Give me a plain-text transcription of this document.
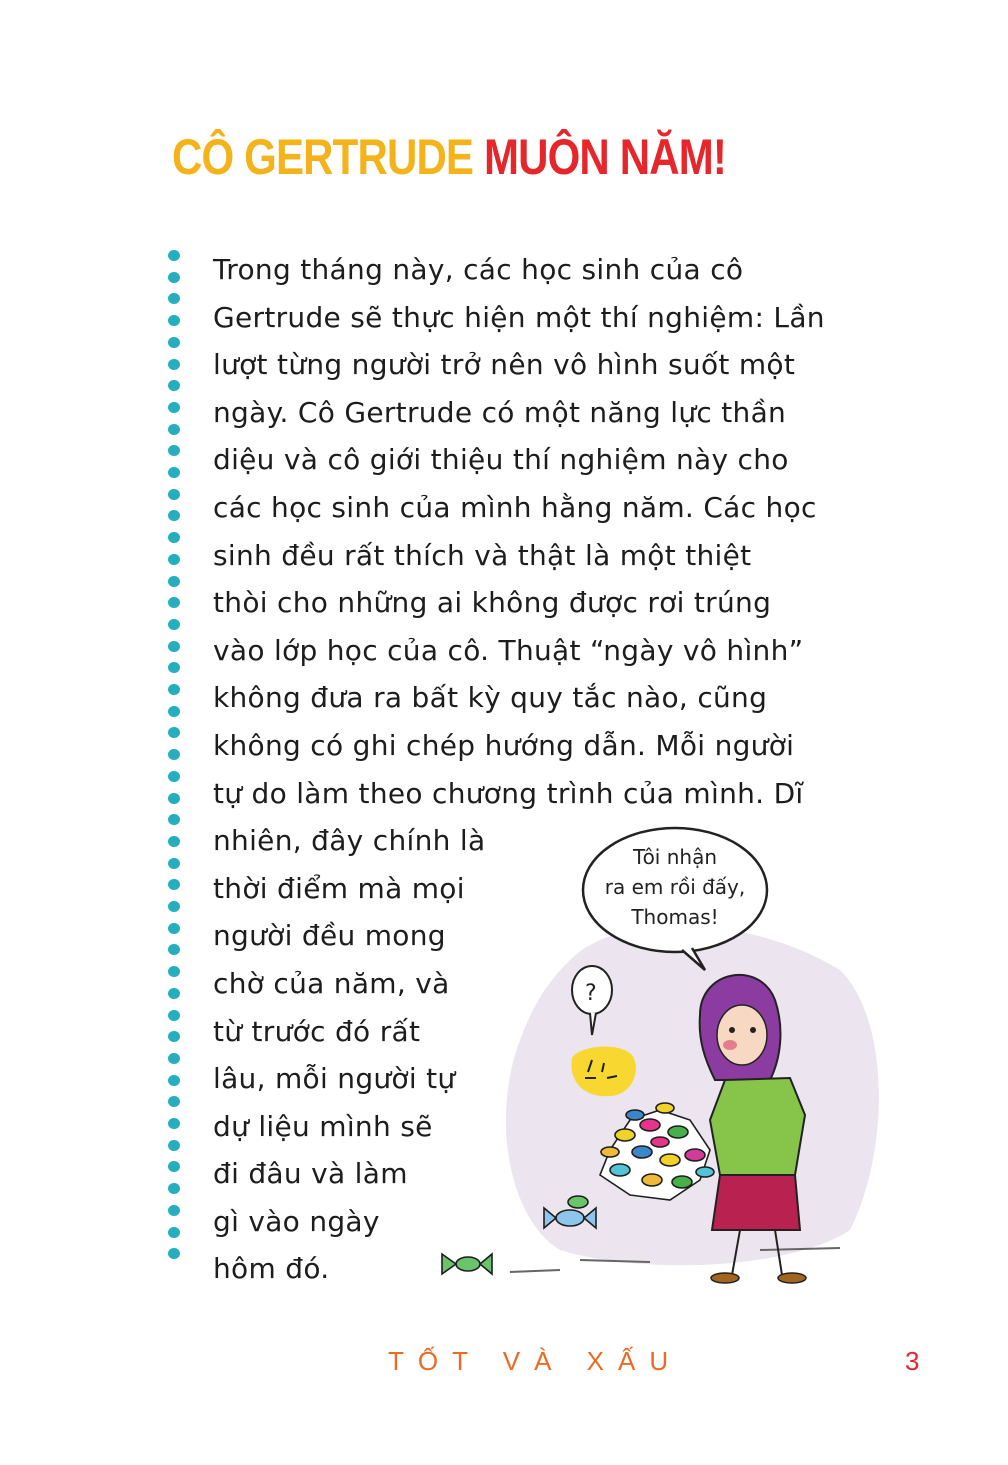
CÔ GERTRUDE MUÔN NĂM!

Trong tháng này, các học sinh của cô
Gertrude sẽ thực hiện một thí nghiệm: Lần
lượt từng người trở nên vô hình suốt một
ngày. Cô Gertrude có một năng lực thần
diệu và cô giới thiệu thí nghiệm này cho
các học sinh của mình hằng năm. Các học
sinh đều rất thích và thật là một thiệt
thòi cho những ai không được rơi trúng
vào lớp học của cô. Thuật “ngày vô hình”
không đưa ra bất kỳ quy tắc nào, cũng
không có ghi chép hướng dẫn. Mỗi người
tự do làm theo chương trình của mình. Dĩ
nhiên, đây chính là
thời điểm mà mọi
người đều mong
chờ của năm, và
từ trước đó rất
lâu, mỗi người tự
dự liệu mình sẽ
đi đâu và làm
gì vào ngày
hôm đó.

?
Tôi nhận
ra em rồi đấy,
Thomas!
TỐT VÀ XẤU	3
